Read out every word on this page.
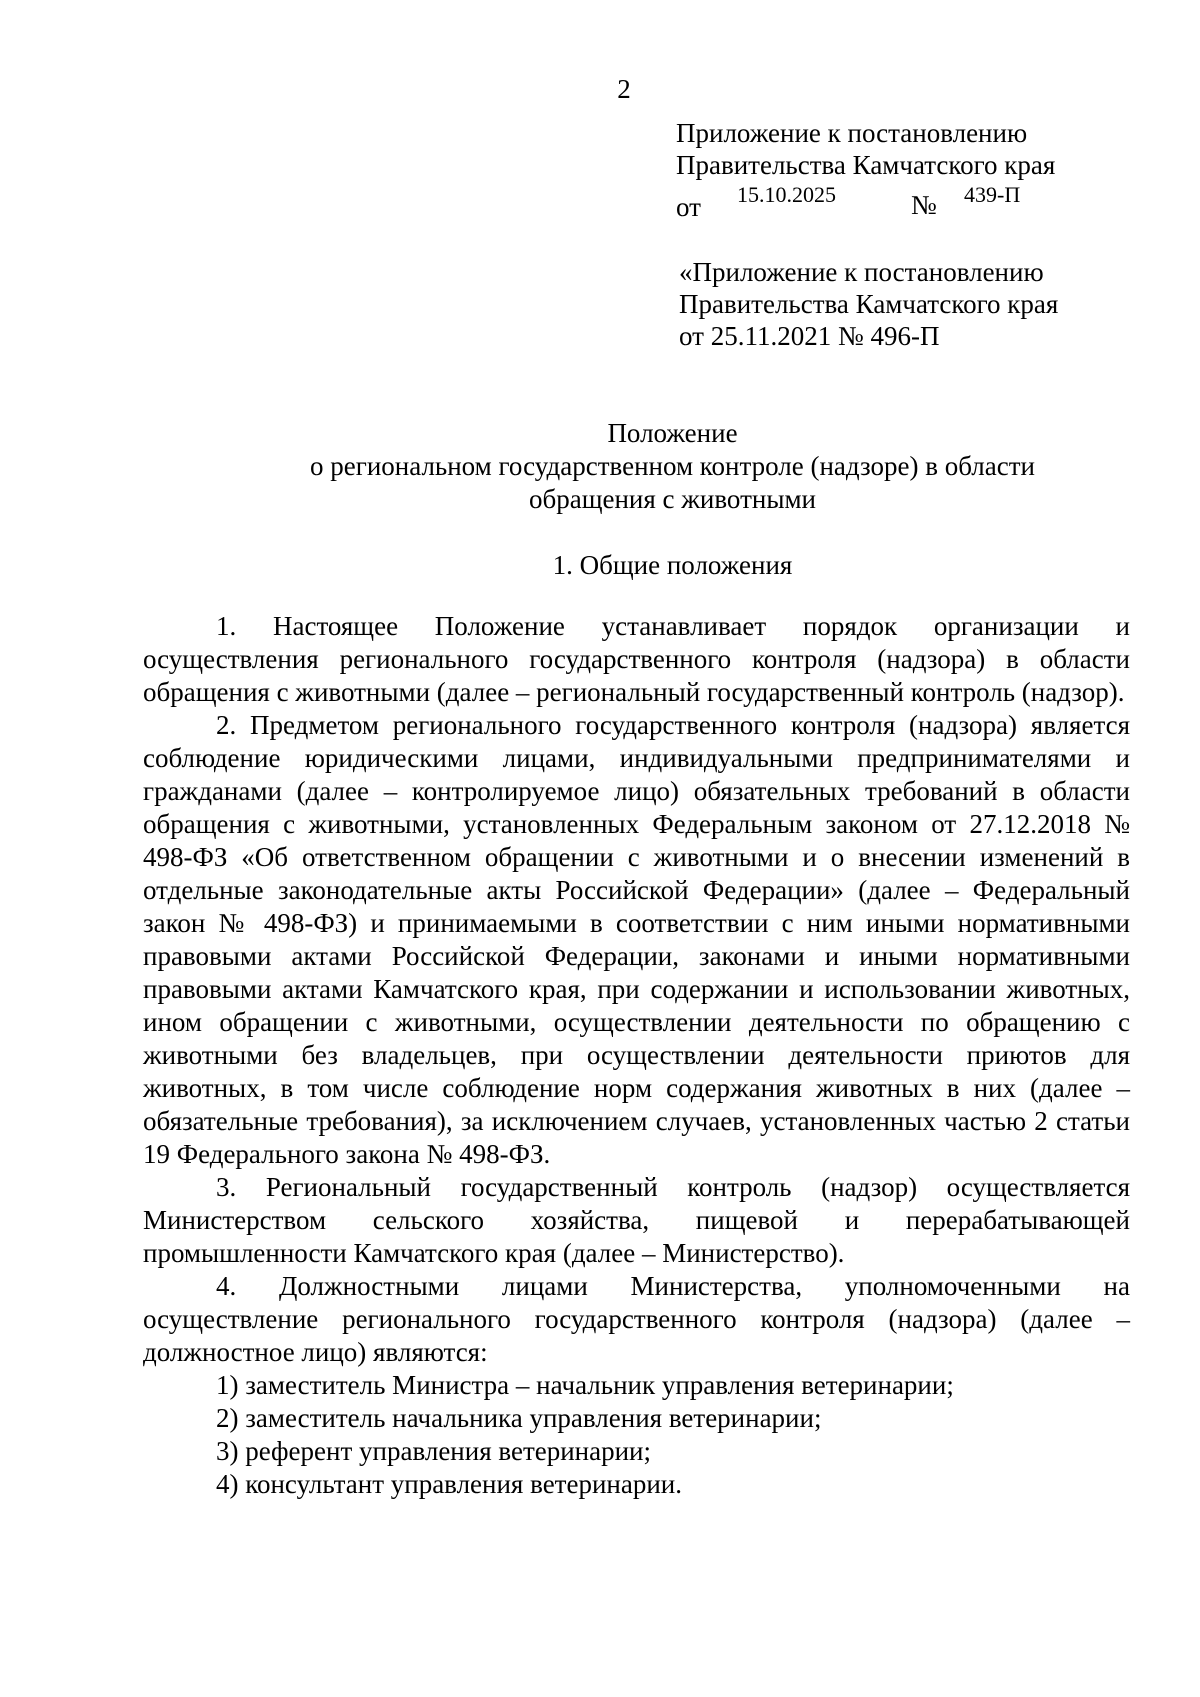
2
Приложение к постановлению
Правительства Камчатского края
от 15.10.2025	№ 439-П
«Приложение к постановлению
Правительства Камчатского края
от 25.11.2021 № 496-П
Положение
о региональном государственном контроле (надзоре) в области
обращения с животными
1. Общие положения

1. Настоящее Положение устанавливает порядок организации и осуществления регионального государственного контроля (надзора) в области обращения с животными (далее – региональный государственный контроль (надзор).

2. Предметом регионального государственного контроля (надзора) является соблюдение юридическими лицами, индивидуальными предпринимателями и гражданами (далее – контролируемое лицо) обязательных требований в области обращения с животными, установленных Федеральным законом от 27.12.2018 № 498-ФЗ «Об ответственном обращении с животными и о внесении изменений в отдельные законодательные акты Российской Федерации» (далее – Федеральный закон № 498-ФЗ) и принимаемыми в соответствии с ним иными нормативными правовыми актами Российской Федерации, законами и иными нормативными правовыми актами Камчатского края, при содержании и использовании животных, ином обращении с животными, осуществлении деятельности по обращению с животными без владельцев, при осуществлении деятельности приютов для животных, в том числе соблюдение норм содержания животных в них (далее – обязательные требования), за исключением случаев, установленных частью 2 статьи 19 Федерального закона № 498-ФЗ.

3. Региональный государственный контроль (надзор) осуществляется Министерством сельского хозяйства, пищевой и перерабатывающей промышленности Камчатского края (далее – Министерство).

4. Должностными лицами Министерства, уполномоченными на осуществление регионального государственного контроля (надзора) (далее – должностное лицо) являются:

1) заместитель Министра – начальник управления ветеринарии;

2) заместитель начальника управления ветеринарии;

3) референт управления ветеринарии;

4) консультант управления ветеринарии.
